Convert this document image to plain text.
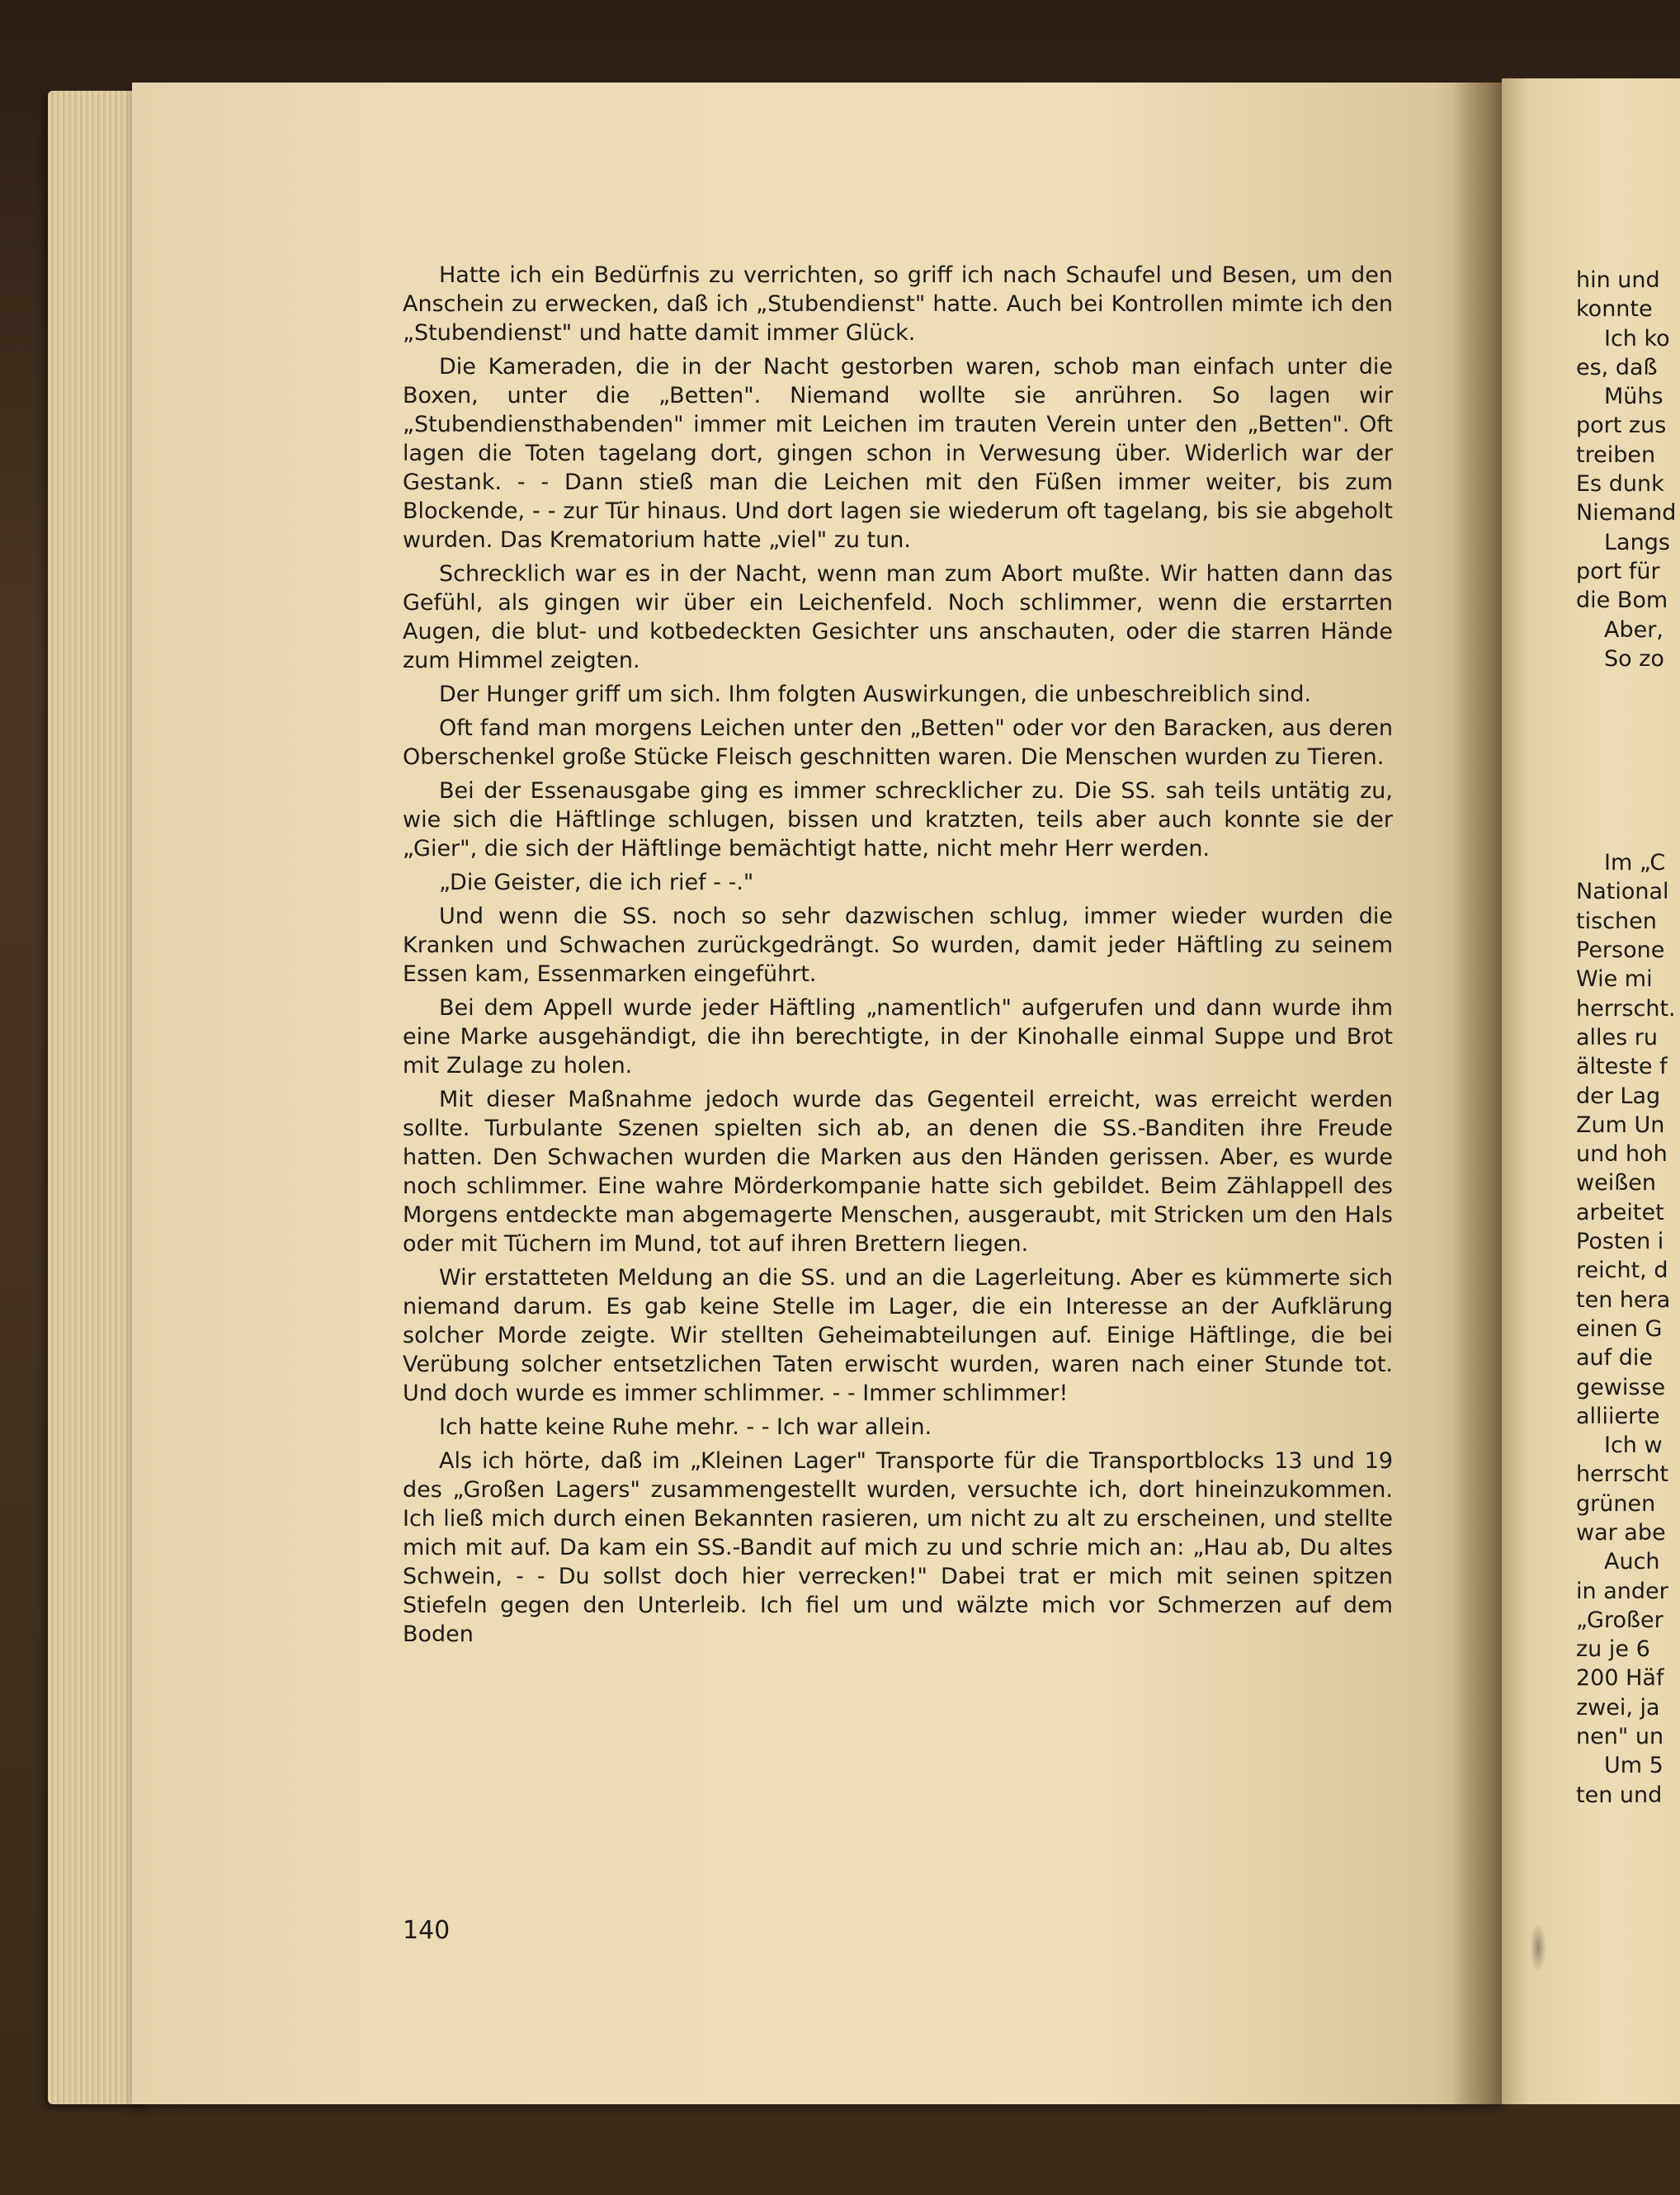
Hatte ich ein Bedürfnis zu verrichten, so griff ich nach Schaufel und Besen, um den Anschein zu erwecken, daß ich „Stubendienst" hatte. Auch bei Kontrollen mimte ich den „Stubendienst" und hatte damit immer Glück.

Die Kameraden, die in der Nacht gestorben waren, schob man einfach unter die Boxen, unter die „Betten". Niemand wollte sie anrühren. So lagen wir „Stubendiensthabenden" immer mit Leichen im trauten Verein unter den „Betten". Oft lagen die Toten tagelang dort, gingen schon in Verwesung über. Widerlich war der Gestank. - - Dann stieß man die Leichen mit den Füßen immer weiter, bis zum Blockende, - - zur Tür hinaus. Und dort lagen sie wiederum oft tagelang, bis sie abgeholt wurden. Das Krematorium hatte „viel" zu tun.

Schrecklich war es in der Nacht, wenn man zum Abort mußte. Wir hatten dann das Gefühl, als gingen wir über ein Leichenfeld. Noch schlimmer, wenn die erstarrten Augen, die blut- und kotbedeckten Gesichter uns anschauten, oder die starren Hände zum Himmel zeigten.

Der Hunger griff um sich. Ihm folgten Auswirkungen, die unbeschreiblich sind.

Oft fand man morgens Leichen unter den „Betten" oder vor den Baracken, aus deren Oberschenkel große Stücke Fleisch geschnitten waren. Die Menschen wurden zu Tieren.

Bei der Essenausgabe ging es immer schrecklicher zu. Die SS. sah teils untätig zu, wie sich die Häftlinge schlugen, bissen und kratzten, teils aber auch konnte sie der „Gier", die sich der Häftlinge bemächtigt hatte, nicht mehr Herr werden.

„Die Geister, die ich rief - -."

Und wenn die SS. noch so sehr dazwischen schlug, immer wieder wurden die Kranken und Schwachen zurückgedrängt. So wurden, damit jeder Häftling zu seinem Essen kam, Essenmarken eingeführt.

Bei dem Appell wurde jeder Häftling „namentlich" aufgerufen und dann wurde ihm eine Marke ausgehändigt, die ihn berechtigte, in der Kinohalle einmal Suppe und Brot mit Zulage zu holen.

Mit dieser Maßnahme jedoch wurde das Gegenteil erreicht, was erreicht werden sollte. Turbulante Szenen spielten sich ab, an denen die SS.-Banditen ihre Freude hatten. Den Schwachen wurden die Marken aus den Händen gerissen. Aber, es wurde noch schlimmer. Eine wahre Mörderkompanie hatte sich gebildet. Beim Zählappell des Morgens entdeckte man abgemagerte Menschen, ausgeraubt, mit Stricken um den Hals oder mit Tüchern im Mund, tot auf ihren Brettern liegen.

Wir erstatteten Meldung an die SS. und an die Lagerleitung. Aber es kümmerte sich niemand darum. Es gab keine Stelle im Lager, die ein Interesse an der Aufklärung solcher Morde zeigte. Wir stellten Geheimabteilungen auf. Einige Häftlinge, die bei Verübung solcher entsetzlichen Taten erwischt wurden, waren nach einer Stunde tot. Und doch wurde es immer schlimmer. - - Immer schlimmer!

Ich hatte keine Ruhe mehr. - - Ich war allein.

Als ich hörte, daß im „Kleinen Lager" Transporte für die Transportblocks 13 und 19 des „Großen Lagers" zusammengestellt wurden, versuchte ich, dort hineinzukommen. Ich ließ mich durch einen Bekannten rasieren, um nicht zu alt zu erscheinen, und stellte mich mit auf. Da kam ein SS.-Bandit auf mich zu und schrie mich an: „Hau ab, Du altes Schwein, - - Du sollst doch hier verrecken!" Dabei trat er mich mit seinen spitzen Stiefeln gegen den Unterleib. Ich fiel um und wälzte mich vor Schmerzen auf dem Boden

140
hin und
konnte
Ich ko
es, daß
Mühs
port zus
treiben
Es dunk
Niemand
Langs
port für
die Bom
Aber,
So zo
Im „C
National
tischen
Persone
Wie mi
herrscht.
alles ru
älteste f
der Lag
Zum Un
und hoh
weißen
arbeitet
Posten i
reicht, d
ten hera
einen G
auf die
gewisse
alliierte
Ich w
herrscht
grünen
war abe
Auch
in ander
„Großer
zu je 6
200 Häf
zwei, ja
nen" un
Um 5
ten und
